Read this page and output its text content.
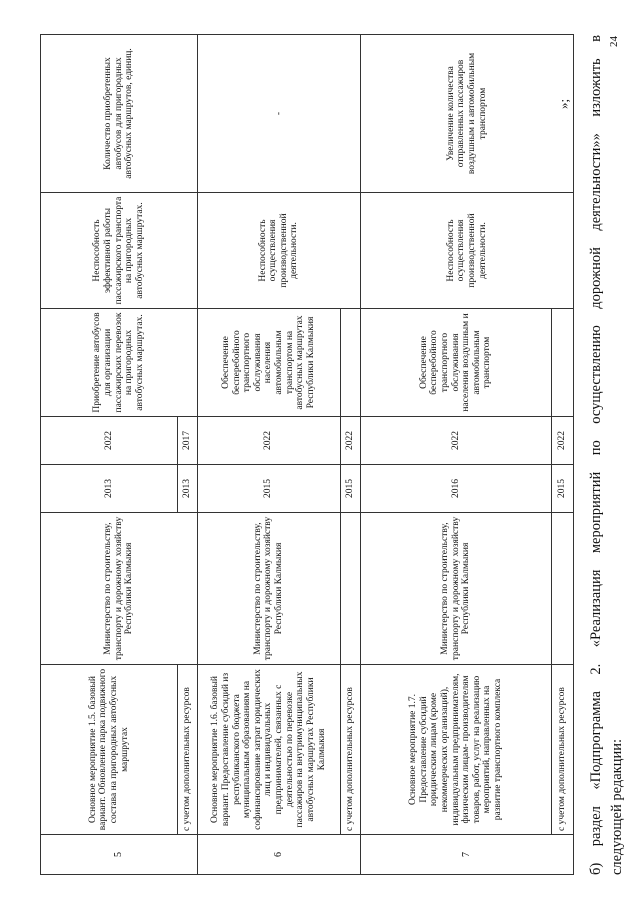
5	Основное мероприятие 1.5. базовый вариант. Обновление парка подвижного состава на пригородных автобусных маршрутах	Министерство по строительству, транспорту и дорожному хозяйству Республики Калмыкия	2013	2022	Приобретение автобусов для организации пассажирских перевозок на пригородных автобусных маршрутах.	Неспособность эффективной работы пассажирского транспорта на пригородных автобусных маршрутах.	Количество приобретенных автобусов для пригородных автобусных маршрутов, единиц.
	с учетом дополнительных ресурсов		2013	2017			
6	Основное мероприятие 1.6. базовый вариант. Предоставление субсидий из республиканского бюджета муниципальным образованиям на софинансирование затрат юридических лиц и индивидуальных предпринимателей, связанных с деятельностью по перевозке пассажиров на внутримуниципальных автобусных маршрутах Республики Калмыкия	Министерство по строительству, транспорту и дорожному хозяйству Республики Калмыкия	2015	2022	Обеспечение бесперебойного транспортного обслуживания населения автомобильным транспортом на автобусных маршрутах Республики Калмыкия	Неспособность осуществления производственной деятельности.	-
	с учетом дополнительных ресурсов		2015	2022			
7	Основное мероприятие 1.7. Предоставление субсидий юридическим лицам (кроме некоммерческих организаций), индивидуальным предпринимателям, физическим лицам- производителям товаров, работ, услуг на реализацию мероприятий, направленных на развитие транспортного комплекса	Министерство по строительству, транспорту и дорожному хозяйству Республики Калмыкия	2016	2022	Обеспечение бесперебойного транспортного обслуживания населения воздушным и автомобильным транспортом	Неспособность осуществления производственной деятельности.	Увеличение количества отправленных пассажиров воздушным и автомобильным транспортом
	с учетом дополнительных ресурсов		2015	2022			
»; б) раздел «Подпрограмма 2. «Реализация мероприятий по осуществлению дорожной деятельности»» изложить в следующей редакции:
24
